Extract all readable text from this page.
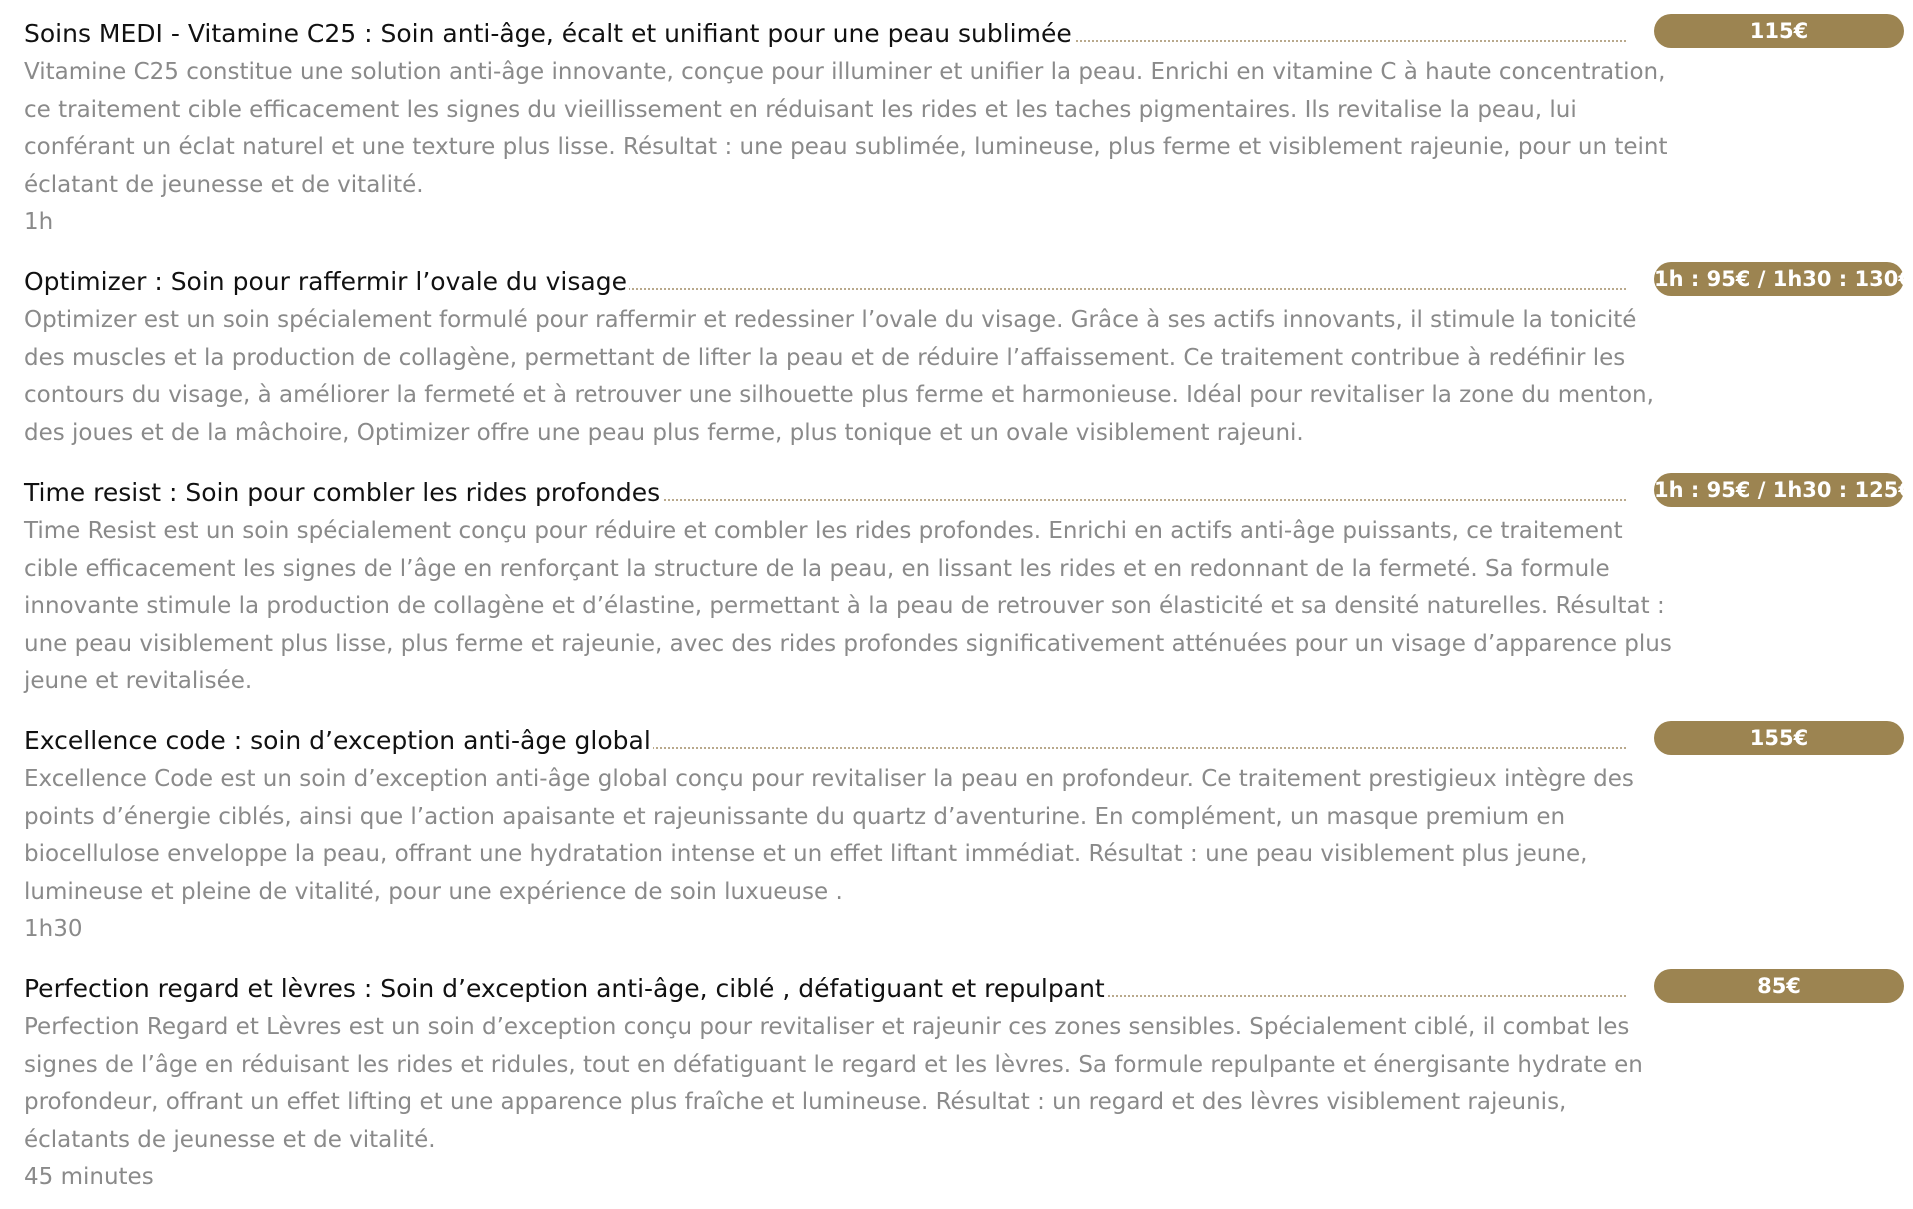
Soins MEDI - Vitamine C25 : Soin anti-âge, écalt et unifiant pour une peau sublimée	115€

Vitamine C25 constitue une solution anti-âge innovante, conçue pour illuminer et unifier la peau. Enrichi en vitamine C à haute concentration, ce traitement cible efficacement les signes du vieillissement en réduisant les rides et les taches pigmentaires. Ils revitalise la peau, lui conférant un éclat naturel et une texture plus lisse. Résultat : une peau sublimée, lumineuse, plus ferme et visiblement rajeunie, pour un teint éclatant de jeunesse et de vitalité.

1h
Optimizer : Soin pour raffermir l’ovale du visage	1h : 95€ / 1h30 : 130€

Optimizer est un soin spécialement formulé pour raffermir et redessiner l’ovale du visage. Grâce à ses actifs innovants, il stimule la tonicité des muscles et la production de collagène, permettant de lifter la peau et de réduire l’affaissement. Ce traitement contribue à redéfinir les contours du visage, à améliorer la fermeté et à retrouver une silhouette plus ferme et harmonieuse. Idéal pour revitaliser la zone du menton, des joues et de la mâchoire, Optimizer offre une peau plus ferme, plus tonique et un ovale visiblement rajeuni.

Time resist : Soin pour combler les rides profondes	1h : 95€ / 1h30 : 125€

Time Resist est un soin spécialement conçu pour réduire et combler les rides profondes. Enrichi en actifs anti-âge puissants, ce traitement cible efficacement les signes de l’âge en renforçant la structure de la peau, en lissant les rides et en redonnant de la fermeté. Sa formule innovante stimule la production de collagène et d’élastine, permettant à la peau de retrouver son élasticité et sa densité naturelles. Résultat : une peau visiblement plus lisse, plus ferme et rajeunie, avec des rides profondes significativement atténuées pour un visage d’apparence plus jeune et revitalisée.

Excellence code : soin d’exception anti-âge global	155€

Excellence Code est un soin d’exception anti-âge global conçu pour revitaliser la peau en profondeur. Ce traitement prestigieux intègre des points d’énergie ciblés, ainsi que l’action apaisante et rajeunissante du quartz d’aventurine. En complément, un masque premium en biocellulose enveloppe la peau, offrant une hydratation intense et un effet liftant immédiat. Résultat : une peau visiblement plus jeune, lumineuse et pleine de vitalité, pour une expérience de soin luxueuse .

1h30
Perfection regard et lèvres : Soin d’exception anti-âge, ciblé , défatiguant et repulpant	85€

Perfection Regard et Lèvres est un soin d’exception conçu pour revitaliser et rajeunir ces zones sensibles. Spécialement ciblé, il combat les signes de l’âge en réduisant les rides et ridules, tout en défatiguant le regard et les lèvres. Sa formule repulpante et énergisante hydrate en profondeur, offrant un effet lifting et une apparence plus fraîche et lumineuse. Résultat : un regard et des lèvres visiblement rajeunis, éclatants de jeunesse et de vitalité.

45 minutes
